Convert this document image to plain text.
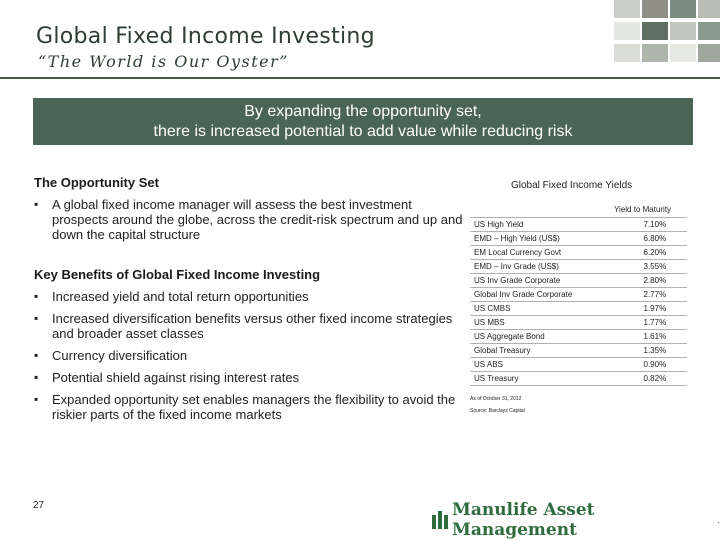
Global Fixed Income Investing
“The World is Our Oyster”
By expanding the opportunity set,
there is increased potential to add value while reducing risk
The Opportunity Set
▪ A global fixed income manager will assess the best investment prospects around the globe, across the credit-risk spectrum and up and down the capital structure
Key Benefits of Global Fixed Income Investing
▪ Increased yield and total return opportunities
▪ Increased diversification benefits versus other fixed income strategies and broader asset classes
▪ Currency diversification
▪ Potential shield against rising interest rates
▪ Expanded opportunity set enables managers the flexibility to avoid the riskier parts of the fixed income markets
Global Fixed Income Yields
Yield to Maturity
US High Yield	7.10%
EMD – High Yield (US$)	6.80%
EM Local Currency Govt	6.20%
EMD – Inv Grade (US$)	3.55%
US Inv Grade Corporate	2.80%
Global Inv Grade Corporate	2.77%
US CMBS	1.97%
US MBS	1.77%
US Aggregate Bond	1.61%
Global Treasury	1.35%
US ABS	0.90%
US Treasury	0.82%
As of October 31, 2012
Source: Barclays Capital
27	Manulife Asset Management	.
